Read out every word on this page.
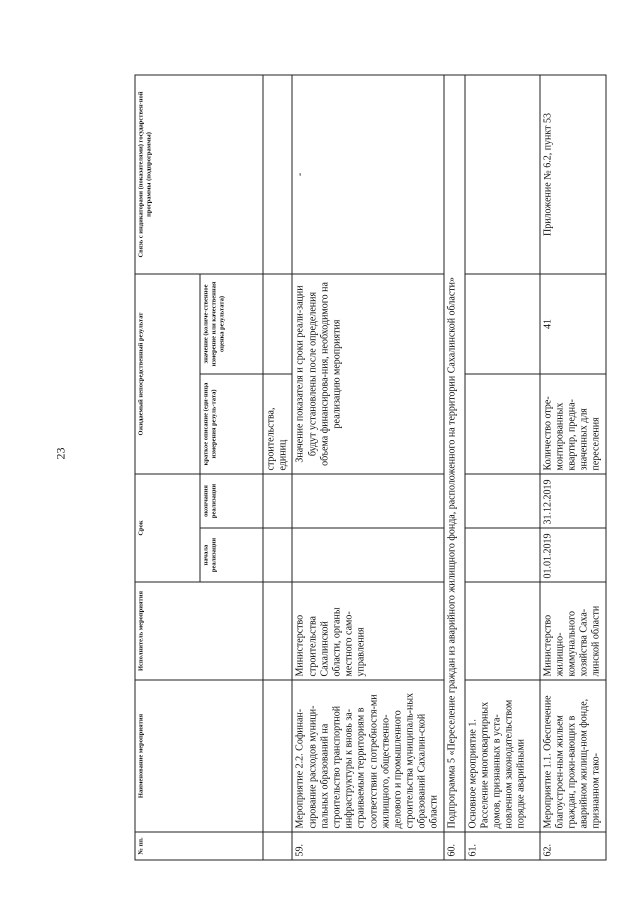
23
№ пп.	Наименование мероприятия	Исполнитель мероприятия	Срок		Ожидаемый непосредственный результат		Связь с индикаторами (показателями) государствен-ной программы (подпрограммы)
			начала реализации	окончания реализации	краткое описание (еди-ница измерения резуль-тата)	значение (количе-ственное измерение или качественная оценка результата)	
					строительства, единиц		
59.	Мероприятие 2.2. Софинан-сирование расходов муници-пальных образований на строительство транспортной инфраструктуры к вновь за-страиваемым территориям в соответствии с потребностя-ми жилищного, общественно-делового и промышленного строительства муниципаль-ных образований Сахалин-ской области	Министерство строительства Сахалинской области, органы местного само-управления			Значение показателя и сроки реали-зации будут установлены после определения объема финансирова-ния, необходимого на реализацию мероприятия		-
60.	Подпрограмма 5 «Переселение граждан из аварийного жилищного фонда, расположенного на территории Сахалинской области»						
61.	Основное мероприятие 1. Расселение многоквартирных домов, признанных в уста-новленном законодательством порядке аварийными						
62.	Мероприятие 1.1. Обеспечение благоустроен-ным жильем граждан, прожи-вающих в аварийном жилищ-ном фонде, признанном тако-	Министерство жилищно-коммунального хозяйства Саха-линской области	01.01.2019	31.12.2019	Количество отре-монтированных квартир, предна-значенных для переселения	41	Приложение № 6.2, пункт 53
